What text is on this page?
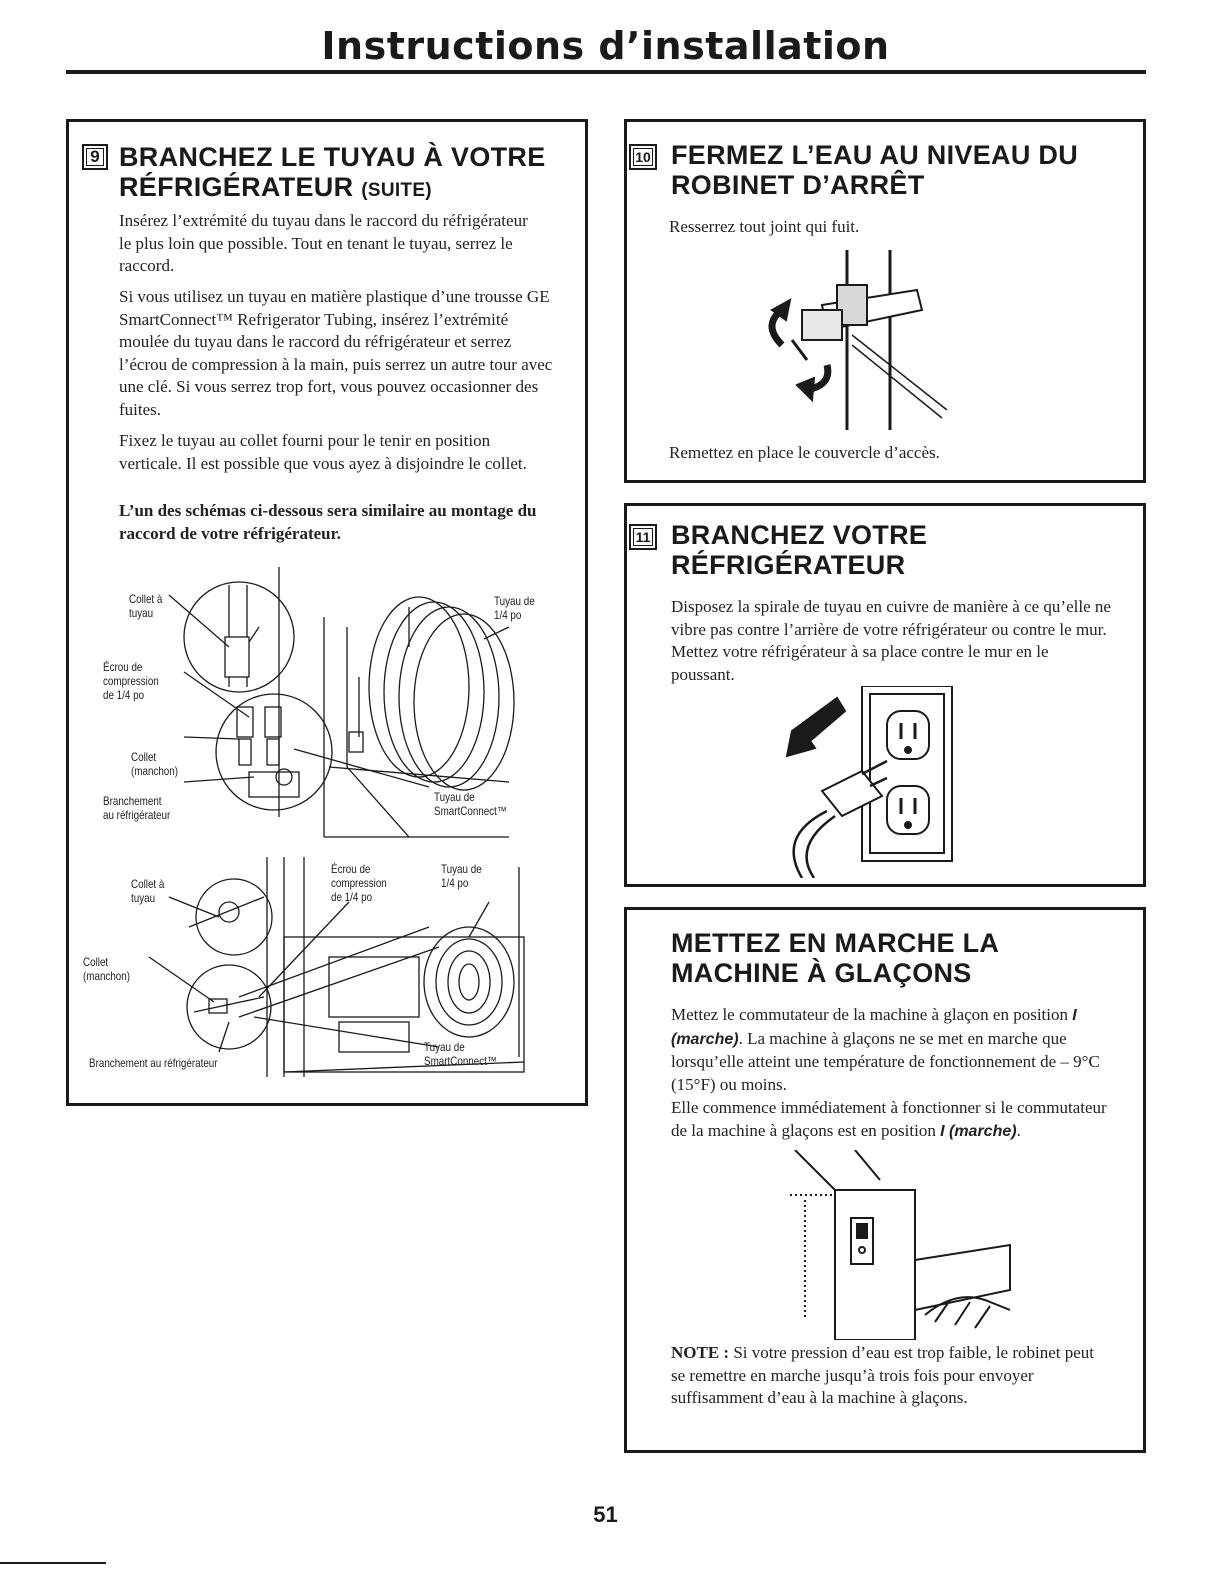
Instructions d’installation
9 BRANCHEZ LE TUYAU À VOTRE
RÉFRIGÉRATEUR (SUITE)

Insérez l’extrémité du tuyau dans le raccord du réfrigérateur le plus loin que possible. Tout en tenant le tuyau, serrez le raccord.

Si vous utilisez un tuyau en matière plastique d’une trousse GE SmartConnect™ Refrigerator Tubing, insérez l’extrémité moulée du tuyau dans le raccord du réfrigérateur et serrez l’écrou de compression à la main, puis serrez un autre tour avec une clé. Si vous serrez trop fort, vous pouvez occasionner des fuites.

Fixez le tuyau au collet fourni pour le tenir en position verticale. Il est possible que vous ayez à disjoindre le collet.

L’un des schémas ci-dessous sera similaire au montage du raccord de votre réfrigérateur.

Collet à
tuyau
Écrou de
compression
de 1/4 po
Collet
(manchon)
Branchement
au réfrigérateur
Tuyau de
1/4 po
Tuyau de
SmartConnect™
Collet à
tuyau
Écrou de
compression
de 1/4 po
Tuyau de
1/4 po
Collet
(manchon)
Branchement au réfrigérateur
Tuyau de
SmartConnect™
10 FERMEZ L’EAU AU NIVEAU DU
ROBINET D’ARRÊT

Resserrez tout joint qui fuit.

Remettez en place le couvercle d’accès.

11 BRANCHEZ VOTRE
RÉFRIGÉRATEUR

Disposez la spirale de tuyau en cuivre de manière à ce qu’elle ne vibre pas contre l’arrière de votre réfrigérateur ou contre le mur. Mettez votre réfrigérateur à sa place contre le mur en le poussant.

METTEZ EN MARCHE LA
MACHINE À GLAÇONS

Mettez le commutateur de la machine à glaçon en position I (marche). La machine à glaçons ne se met en marche que lorsqu’elle atteint une température de fonctionnement de – 9°C (15°F) ou moins.

Elle commence immédiatement à fonctionner si le commutateur de la machine à glaçons est en position I (marche).

NOTE : Si votre pression d’eau est trop faible, le robinet peut se remettre en marche jusqu’à trois fois pour envoyer suffisamment d’eau à la machine à glaçons.

51
